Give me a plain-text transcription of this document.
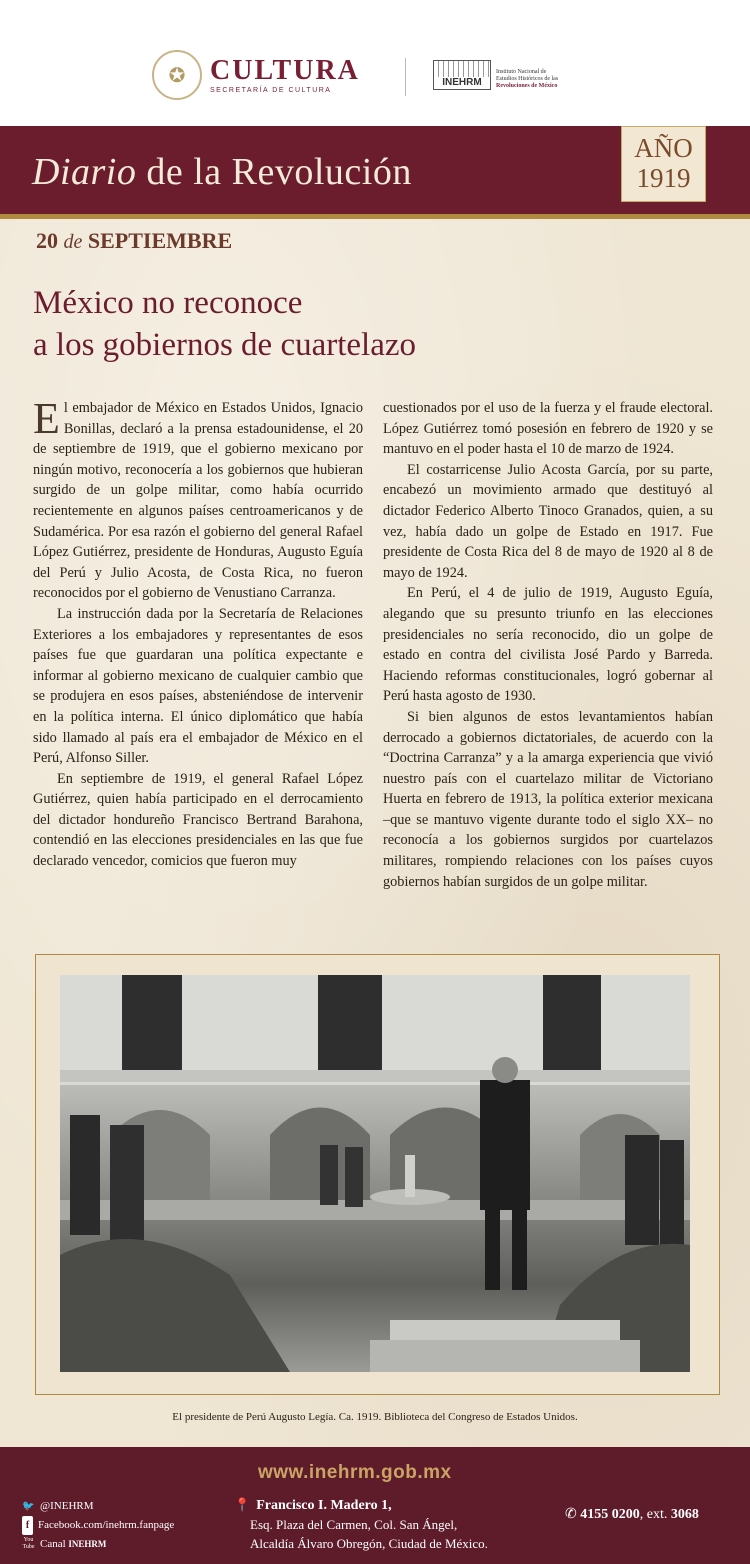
✪ CULTURA
SECRETARÍA DE CULTURA
INEHRM
Instituto Nacional de
Estudios Históricos de las
Revoluciones de México
Diario de la Revolución
AÑO
1919
20 de SEPTIEMBRE
México no reconoce
a los gobiernos de cuartelazo

El embajador de México en Estados Unidos, Ignacio Bonillas, declaró a la prensa estadounidense, el 20 de septiembre de 1919, que el gobierno mexicano por ningún motivo, reconocería a los gobiernos que hubieran surgido de un golpe militar, como había ocurrido recientemente en algunos países centroamericanos y de Sudamérica. Por esa razón el gobierno del general Rafael López Gutiérrez, presidente de Honduras, Augusto Eguía del Perú y Julio Acosta, de Costa Rica, no fueron reconocidos por el gobierno de Venustiano Carranza.

La instrucción dada por la Secretaría de Relaciones Exteriores a los embajadores y representantes de esos países fue que guardaran una política expectante e informar al gobierno mexicano de cualquier cambio que se produjera en esos países, absteniéndose de intervenir en la política interna. El único diplomático que había sido llamado al país era el embajador de México en el Perú, Alfonso Siller.

En septiembre de 1919, el general Rafael López Gutiérrez, quien había participado en el derrocamiento del dictador hondureño Francisco Bertrand Barahona, contendió en las elecciones presidenciales en las que fue declarado vencedor, comicios que fueron muy

cuestionados por el uso de la fuerza y el fraude electoral. López Gutiérrez tomó posesión en febrero de 1920 y se mantuvo en el poder hasta el 10 de marzo de 1924.

El costarricense Julio Acosta García, por su parte, encabezó un movimiento armado que destituyó al dictador Federico Alberto Tinoco Granados, quien, a su vez, había dado un golpe de Estado en 1917. Fue presidente de Costa Rica del 8 de mayo de 1920 al 8 de mayo de 1924.

En Perú, el 4 de julio de 1919, Augusto Eguía, alegando que su presunto triunfo en las elecciones presidenciales no sería reconocido, dio un golpe de estado en contra del civilista José Pardo y Barreda. Haciendo reformas constitucionales, logró gobernar al Perú hasta agosto de 1930.

Si bien algunos de estos levantamientos habían derrocado a gobiernos dictatoriales, de acuerdo con la “Doctrina Carranza” y a la amarga experiencia que vivió nuestro país con el cuartelazo militar de Victoriano Huerta en febrero de 1913, la política exterior mexicana –que se mantuvo vigente durante todo el siglo XX– no reconocía a los gobiernos surgidos por cuartelazos militares, rompiendo relaciones con los países cuyos gobiernos habían surgidos de un golpe militar.

El presidente de Perú Augusto Legía. Ca. 1919. Biblioteca del Congreso de Estados Unidos.
www.inehrm.gob.mx
🐦 @INEHRM
f Facebook.com/inehrm.fanpage
You Tube Canal INEHRM
📍 Francisco I. Madero 1,
Esq. Plaza del Carmen, Col. San Ángel,
Alcaldía Álvaro Obregón, Ciudad de México.
✆ 4155 0200, ext. 3068
